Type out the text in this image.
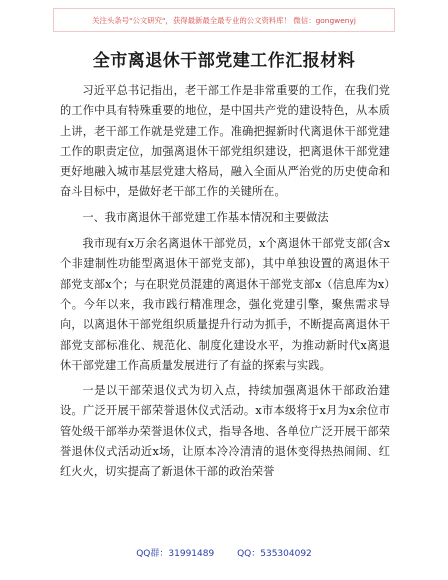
关注头条号"公文研究"，获得最新最全最专业的公文资料库！ 微信：gongwenyj
全市离退休干部党建工作汇报材料

习近平总书记指出，老干部工作是非常重要的工作，在我们党的工作中具有特殊重要的地位，是中国共产党的建设特色，从本质上讲，老干部工作就是党建工作。准确把握新时代离退休干部党建工作的职责定位，加强离退休干部党组织建设，把离退休干部党建更好地融入城市基层党建大格局，融入全面从严治党的历史使命和奋斗目标中，是做好老干部工作的关键所在。

一、我市离退休干部党建工作基本情况和主要做法

我市现有x万余名离退休干部党员，x个离退休干部党支部(含x个非建制性功能型离退休干部党支部)，其中单独设置的离退休干部党支部x个；与在职党员混建的离退休干部党支部x（信息库为x）个。今年以来，我市践行精准理念，强化党建引擎，聚焦需求导向，以离退休干部党组织质量提升行动为抓手，不断提高离退休干部党支部标准化、规范化、制度化建设水平，为推动新时代x离退休干部党建工作高质量发展进行了有益的探索与实践。

一是以干部荣退仪式为切入点，持续加强离退休干部政治建设。广泛开展干部荣誉退休仪式活动。x市本级将于x月为x余位市管处级干部举办荣誉退休仪式，指导各地、各单位广泛开展干部荣誉退休仪式活动近x场，让原本冷冷清清的退休变得热热闹闹、红红火火，切实提高了新退休干部的政治荣誉

QQ群：31991489	QQ：535304092
